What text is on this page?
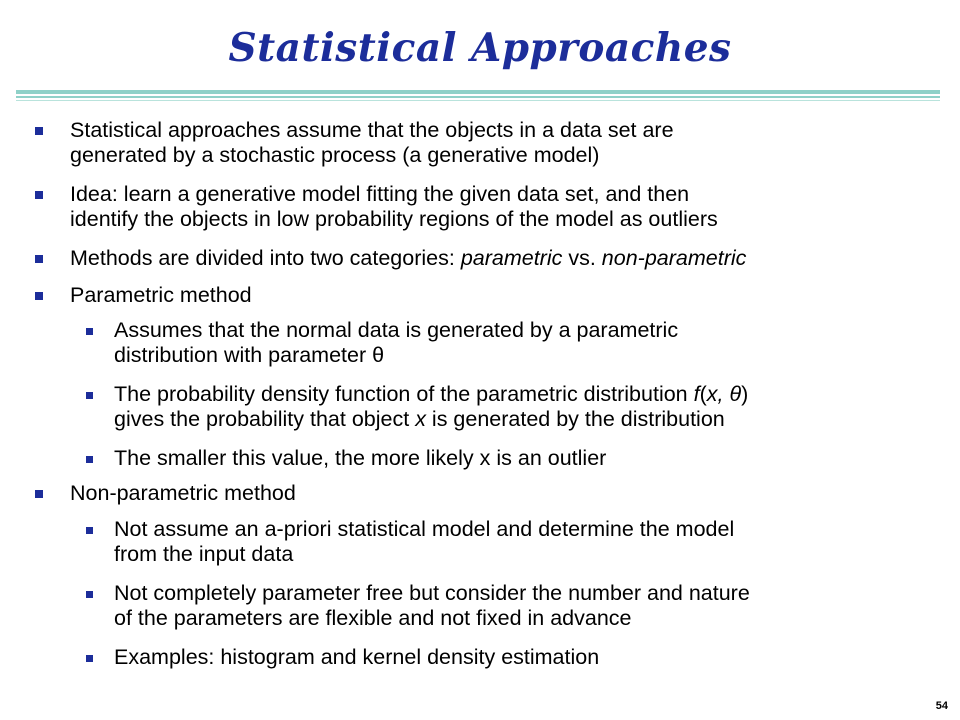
Statistical Approaches
Statistical approaches assume that the objects in a data set are
generated by a stochastic process (a generative model)
Idea: learn a generative model fitting the given data set, and then
identify the objects in low probability regions of the model as outliers
Methods are divided into two categories: parametric vs. non-parametric
Parametric method
Assumes that the normal data is generated by a parametric
distribution with parameter θ
The probability density function of the parametric distribution f(x, θ)
gives the probability that object x is generated by the distribution
The smaller this value, the more likely x is an outlier
Non-parametric method
Not assume an a-priori statistical model and determine the model
from the input data
Not completely parameter free but consider the number and nature
of the parameters are flexible and not fixed in advance
Examples: histogram and kernel density estimation
54
